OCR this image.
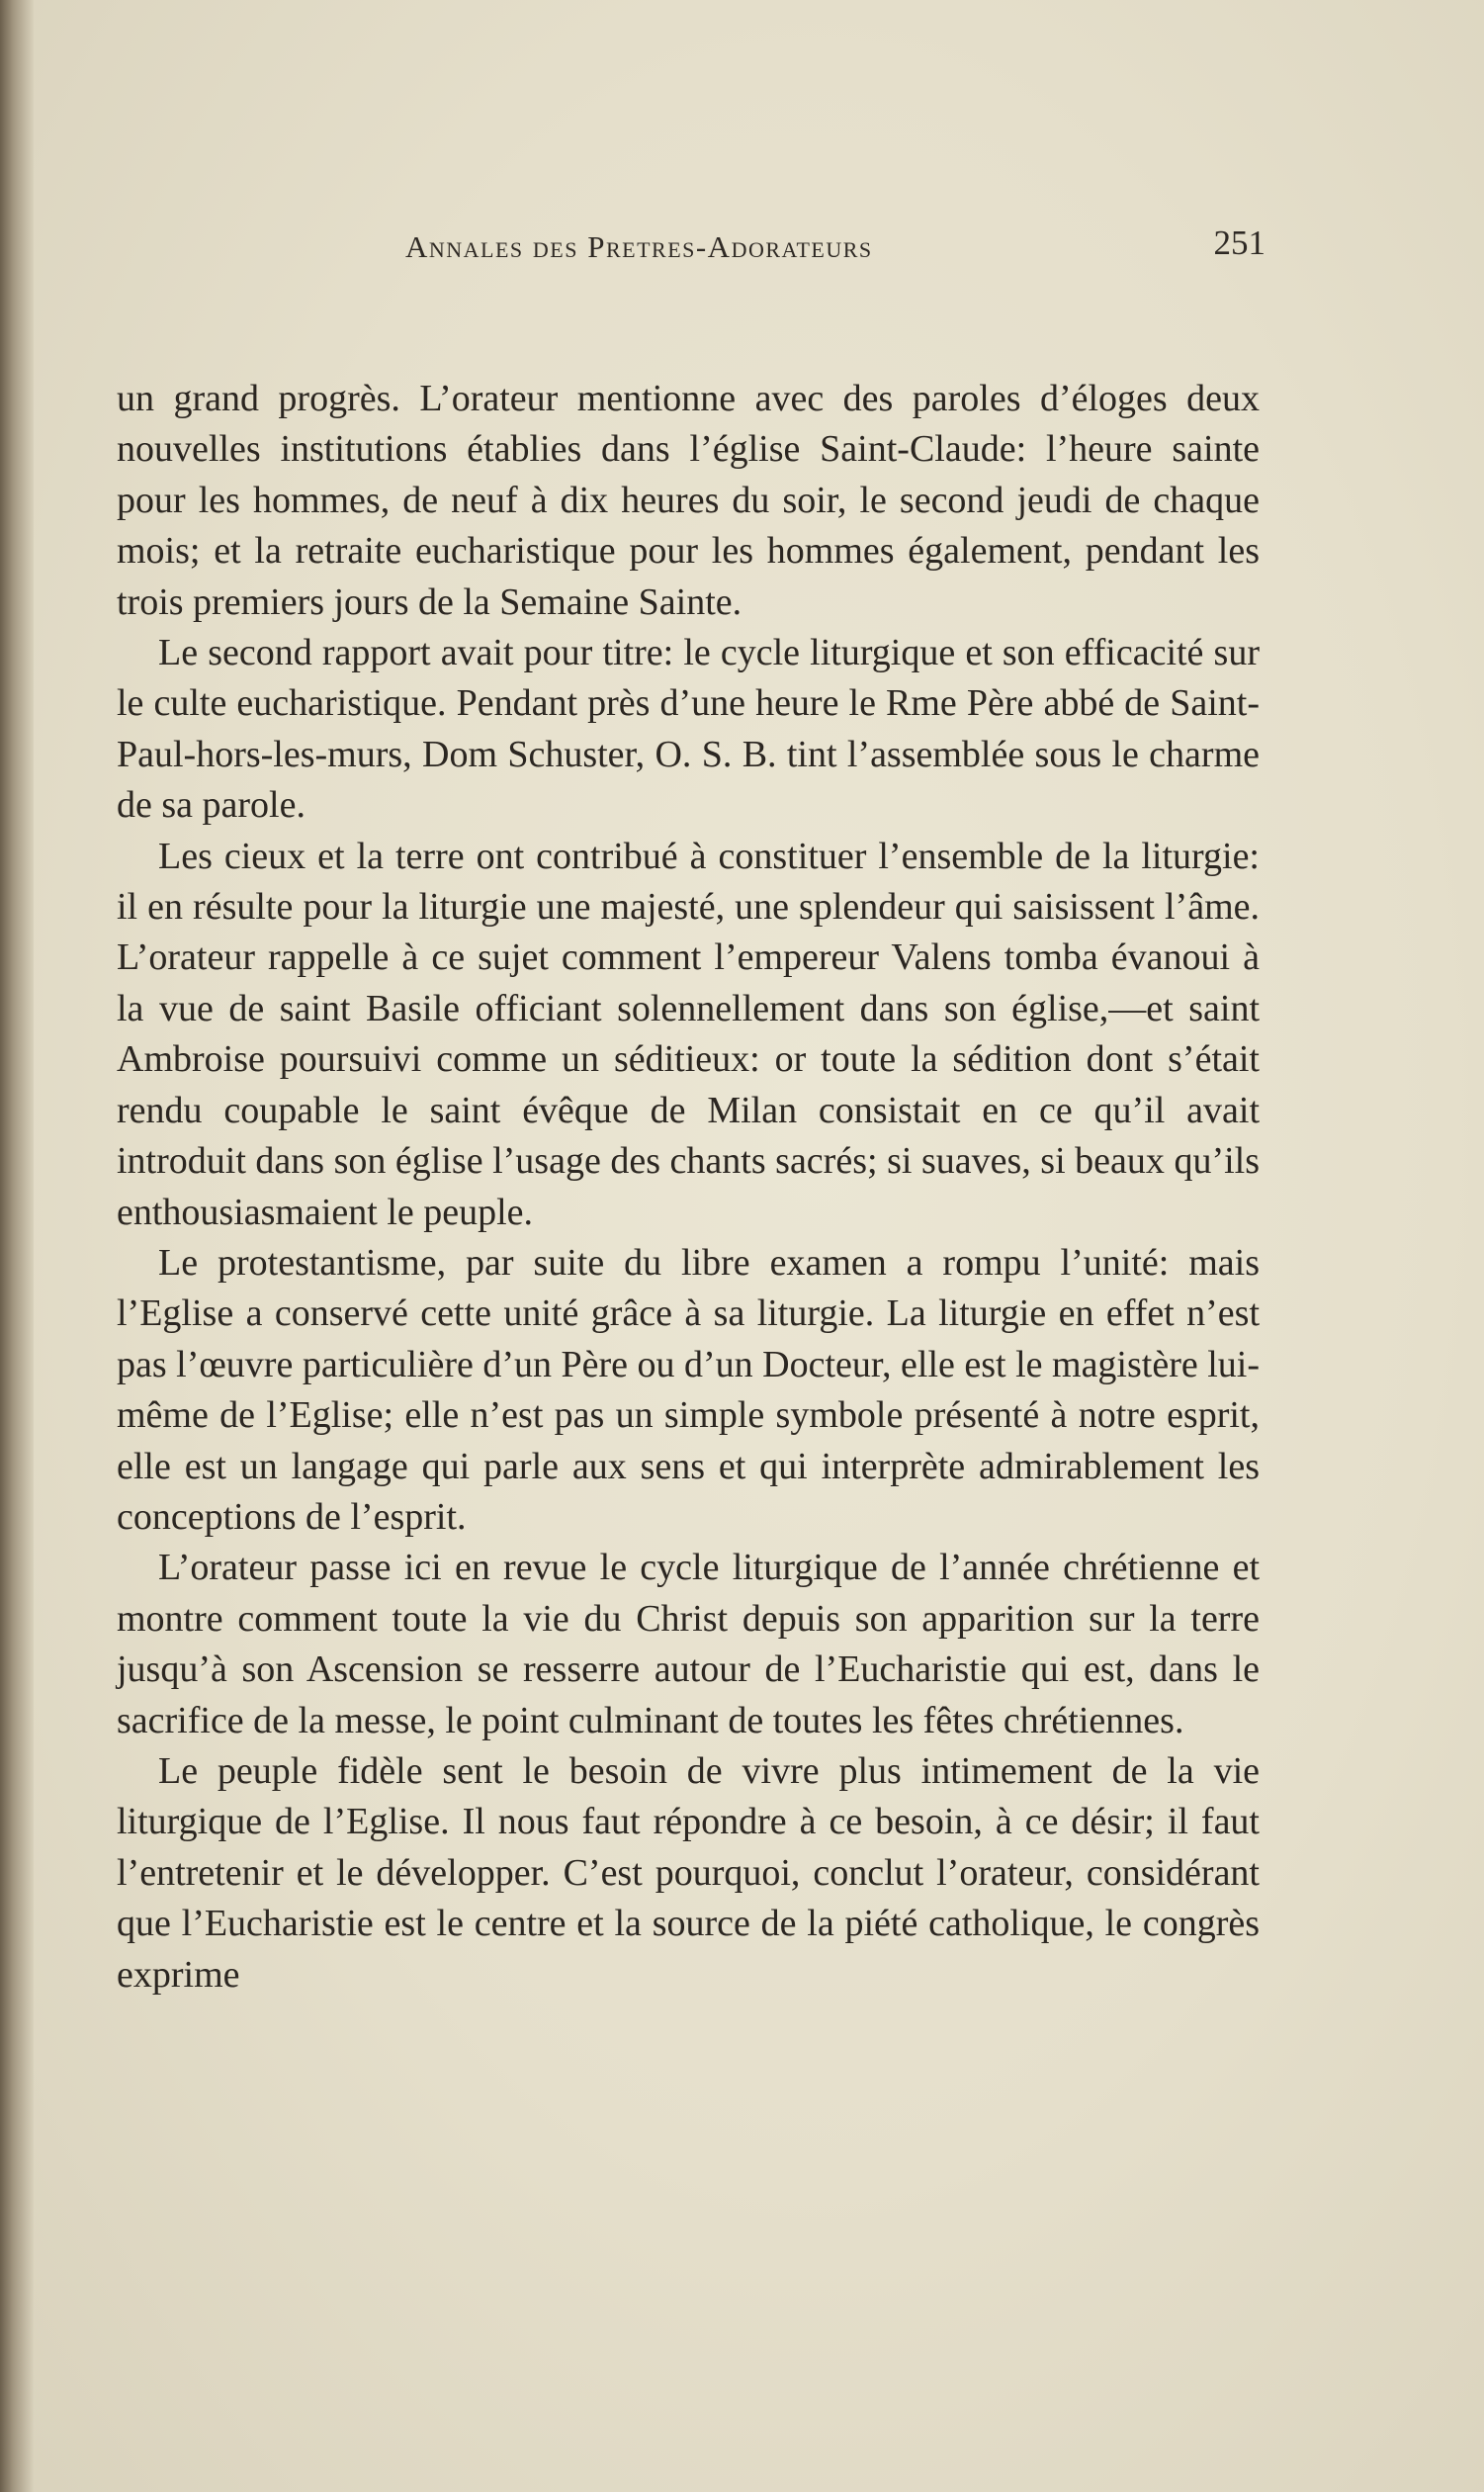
Annales des Pretres-Adorateurs	251

un grand progrès. L’orateur mentionne avec des paroles d’éloges deux nouvelles institutions établies dans l’église Saint-Claude: l’heure sainte pour les hommes, de neuf à dix heures du soir, le second jeudi de chaque mois; et la retraite eucharistique pour les hommes également, pendant les trois premiers jours de la Semaine Sainte.

Le second rapport avait pour titre: le cycle liturgique et son efficacité sur le culte eucharistique. Pendant près d’une heure le Rme Père abbé de Saint-Paul-hors-les-murs, Dom Schuster, O. S. B. tint l’assemblée sous le charme de sa parole.

Les cieux et la terre ont contribué à constituer l’ensemble de la liturgie: il en résulte pour la liturgie une majesté, une splendeur qui saisissent l’âme. L’orateur rappelle à ce sujet comment l’empereur Valens tomba évanoui à la vue de saint Basile officiant solennellement dans son église,—et saint Ambroise poursuivi comme un séditieux: or toute la sédition dont s’était rendu coupable le saint évêque de Milan consistait en ce qu’il avait introduit dans son église l’usage des chants sacrés; si suaves, si beaux qu’ils enthousiasmaient le peuple.

Le protestantisme, par suite du libre examen a rompu l’unité: mais l’Eglise a conservé cette unité grâce à sa liturgie. La liturgie en effet n’est pas l’œuvre particulière d’un Père ou d’un Docteur, elle est le magistère lui-même de l’Eglise; elle n’est pas un simple symbole présenté à notre esprit, elle est un langage qui parle aux sens et qui interprète admirablement les conceptions de l’esprit.

L’orateur passe ici en revue le cycle liturgique de l’année chrétienne et montre comment toute la vie du Christ depuis son apparition sur la terre jusqu’à son Ascension se resserre autour de l’Eucharistie qui est, dans le sacrifice de la messe, le point culminant de toutes les fêtes chrétiennes.

Le peuple fidèle sent le besoin de vivre plus intimement de la vie liturgique de l’Eglise. Il nous faut répondre à ce besoin, à ce désir; il faut l’entretenir et le développer. C’est pourquoi, conclut l’orateur, considérant que l’Eucharistie est le centre et la source de la piété catholique, le congrès exprime
